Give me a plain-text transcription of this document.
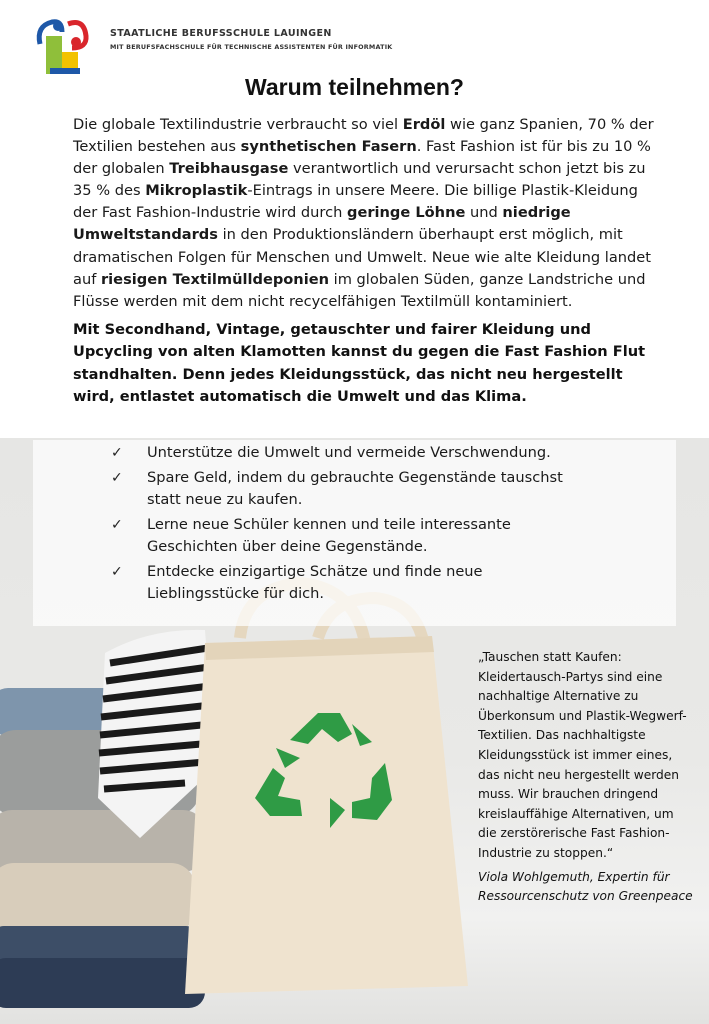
STAATLICHE BERUFSSCHULE LAUINGEN
MIT BERUFSFACHSCHULE FÜR TECHNISCHE ASSISTENTEN FÜR INFORMATIK
Warum teilnehmen?

Die globale Textilindustrie verbraucht so viel Erdöl wie ganz Spanien, 70 % der Textilien bestehen aus synthetischen Fasern. Fast Fashion ist für bis zu 10 % der globalen Treibhausgase verantwortlich und verursacht schon jetzt bis zu 35 % des Mikroplastik-Eintrags in unsere Meere. Die billige Plastik-Kleidung der Fast Fashion-Industrie wird durch geringe Löhne und niedrige Umweltstandards in den Produktionsländern überhaupt erst möglich, mit dramatischen Folgen für Menschen und Umwelt. Neue wie alte Kleidung landet auf riesigen Textilmülldeponien im globalen Süden, ganze Landstriche und Flüsse werden mit dem nicht recycelfähigen Textilmüll kontaminiert.

Mit Secondhand, Vintage, getauschter und fairer Kleidung und Upcycling von alten Klamotten kannst du gegen die Fast Fashion Flut standhalten. Denn jedes Kleidungsstück, das nicht neu hergestellt wird, entlastet automatisch die Umwelt und das Klima.

✓ Unterstütze die Umwelt und vermeide Verschwendung.
✓ Spare Geld, indem du gebrauchte Gegenstände tauschst statt neue zu kaufen.
✓ Lerne neue Schüler kennen und teile interessante Geschichten über deine Gegenstände.
✓ Entdecke einzigartige Schätze und finde neue Lieblingsstücke für dich.
„Tauschen statt Kaufen: Kleidertausch-Partys sind eine nachhaltige Alternative zu Überkonsum und Plastik-Wegwerf-Textilien. Das nachhaltigste Kleidungsstück ist immer eines, das nicht neu hergestellt werden muss. Wir brauchen dringend kreislauffähige Alternativen, um die zerstörerische Fast Fashion-Industrie zu stoppen.“
Viola Wohlgemuth, Expertin für Ressourcenschutz von Greenpeace
